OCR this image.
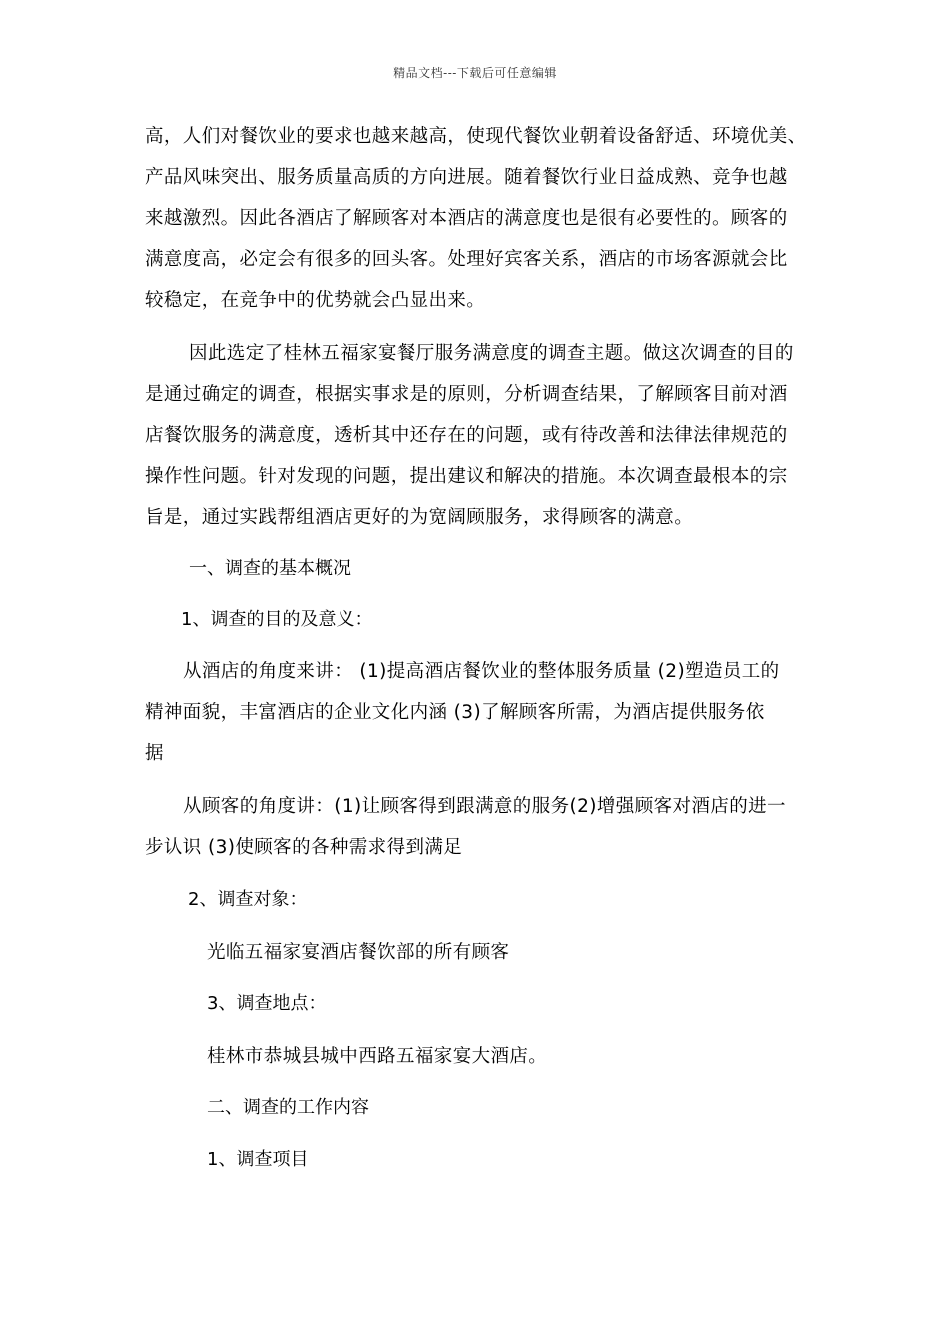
精品文档---下载后可任意编辑
高，人们对餐饮业的要求也越来越高，使现代餐饮业朝着设备舒适、环境优美、
产品风味突出、服务质量高质的方向进展。随着餐饮行业日益成熟、竞争也越
来越激烈。因此各酒店了解顾客对本酒店的满意度也是很有必要性的。顾客的
满意度高，必定会有很多的回头客。处理好宾客关系，酒店的市场客源就会比
较稳定，在竞争中的优势就会凸显出来。
因此选定了桂林五福家宴餐厅服务满意度的调查主题。做这次调查的目的
是通过确定的调查，根据实事求是的原则，分析调查结果，了解顾客目前对酒
店餐饮服务的满意度，透析其中还存在的问题，或有待改善和法律法律规范的
操作性问题。针对发现的问题，提出建议和解决的措施。本次调查最根本的宗
旨是，通过实践帮组酒店更好的为宽阔顾服务，求得顾客的满意。
一、调查的基本概况
1、调查的目的及意义：
从酒店的角度来讲： (1)提高酒店餐饮业的整体服务质量 (2)塑造员工的
精神面貌，丰富酒店的企业文化内涵 (3)了解顾客所需，为酒店提供服务依
据
从顾客的角度讲：(1)让顾客得到跟满意的服务(2)增强顾客对酒店的进一
步认识 (3)使顾客的各种需求得到满足
2、调查对象：
光临五福家宴酒店餐饮部的所有顾客
3、调查地点：
桂林市恭城县城中西路五福家宴大酒店。
二、调查的工作内容
1、调查项目
